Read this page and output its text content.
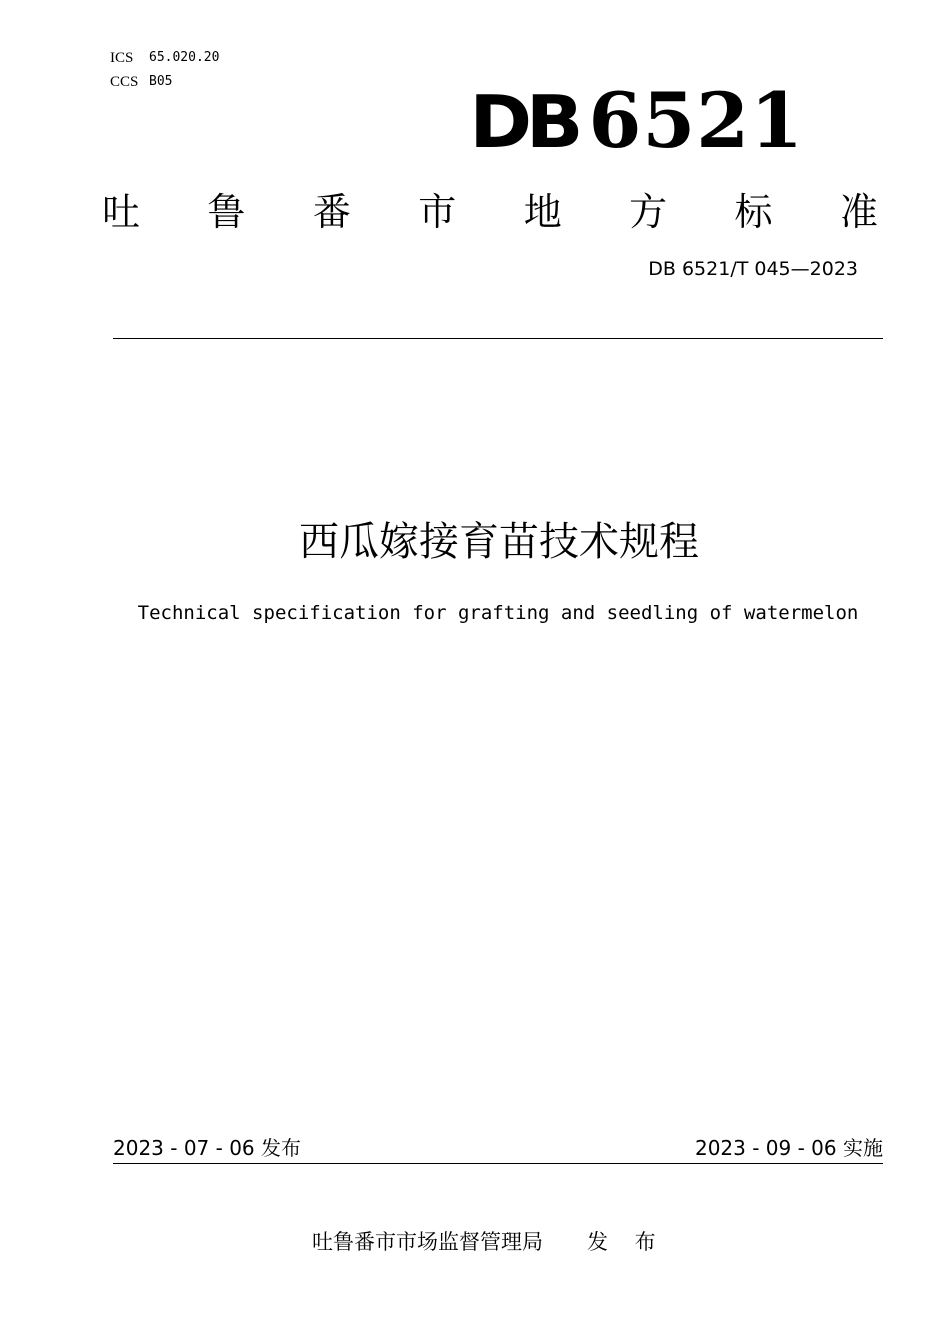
ICS	65.020.20
CCS B05	DB 6521
吐 鲁 番 市 地 方 标 准
DB 6521/T 045—2023
西瓜嫁接育苗技术规程
Technical specification for grafting and seedling of watermelon
2023 - 07 - 06 发布	2023 - 09 - 06 实施
吐鲁番市市场监督管理局 发 布
